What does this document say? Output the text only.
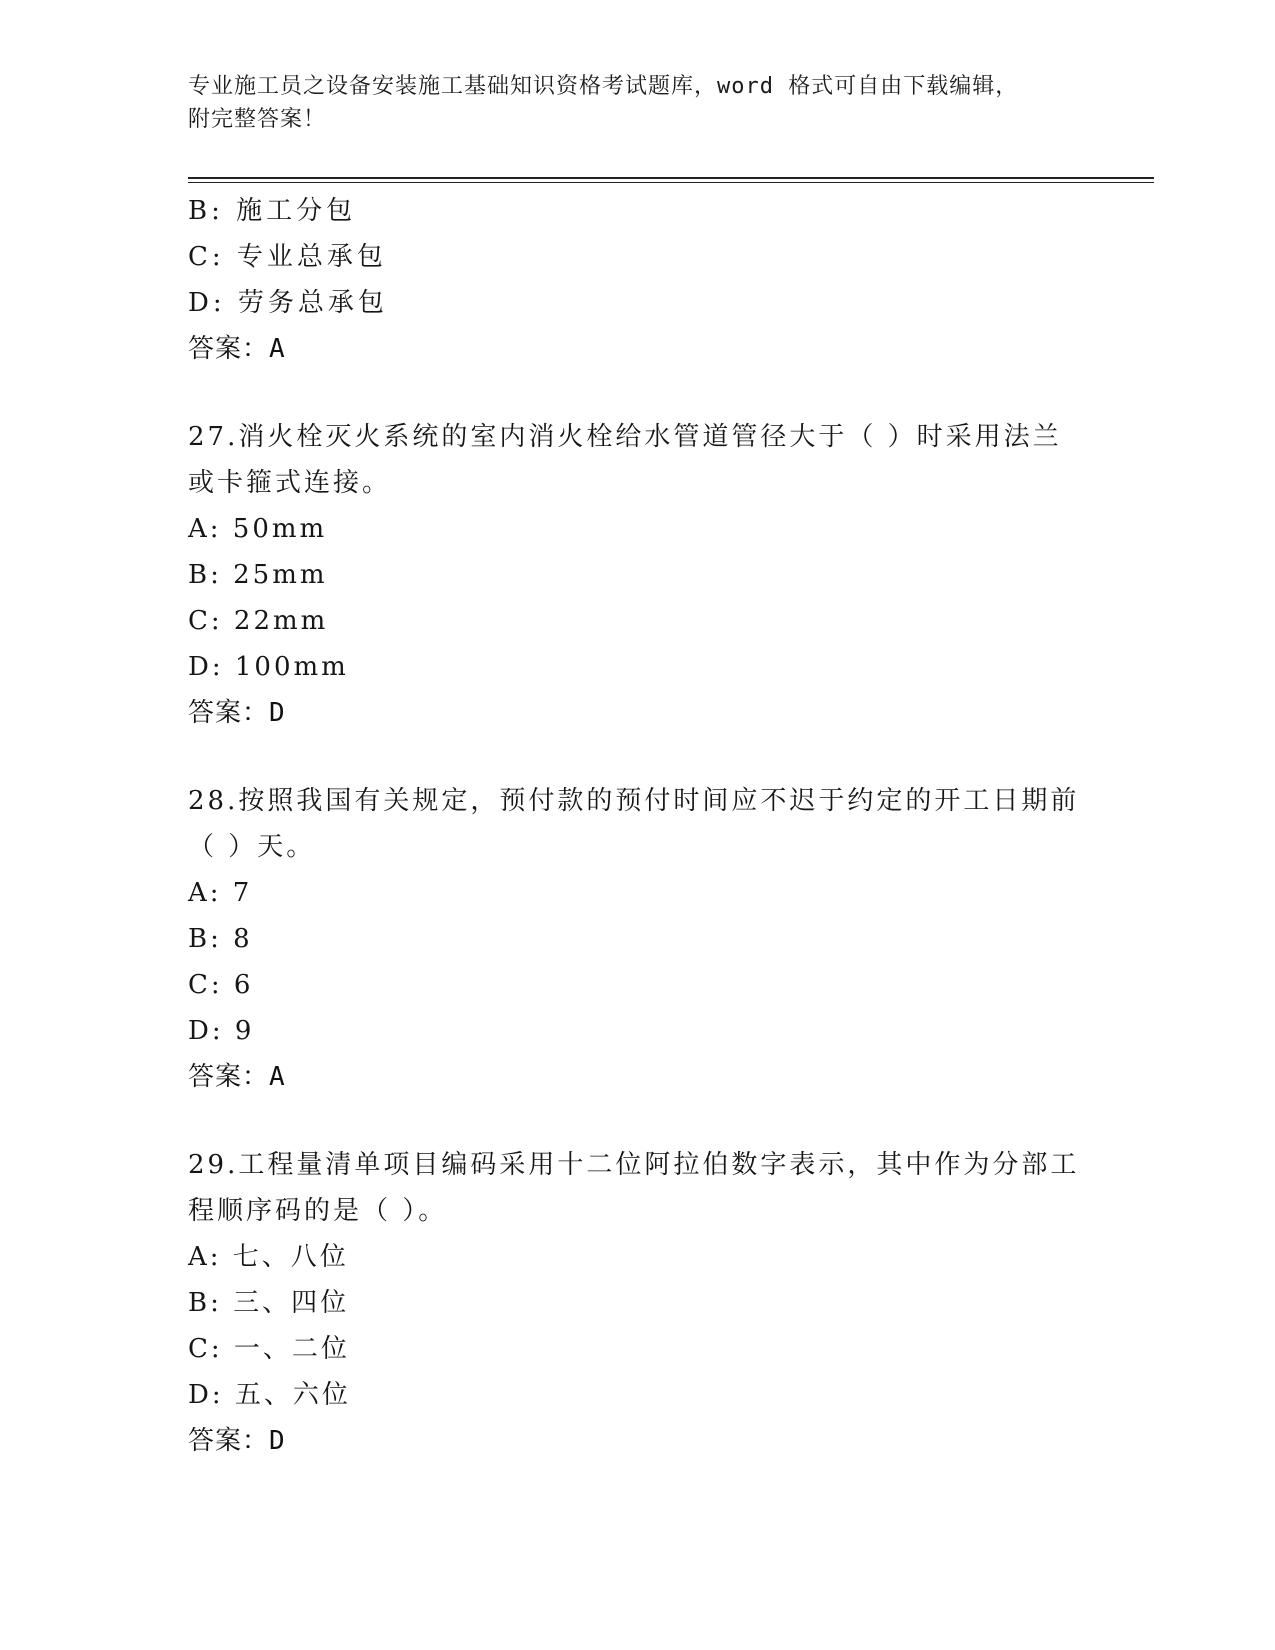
专业施工员之设备安装施工基础知识资格考试题库，word 格式可自由下载编辑，
附完整答案！
B: 施工分包
C: 专业总承包
D: 劳务总承包
答案：A
27.消火栓灭火系统的室内消火栓给水管道管径大于（ ）时采用法兰
或卡箍式连接。
A: 50mm
B: 25mm
C: 22mm
D: 100mm
答案：D
28.按照我国有关规定，预付款的预付时间应不迟于约定的开工日期前
（ ）天。
A: 7
B: 8
C: 6
D: 9
答案：A
29.工程量清单项目编码采用十二位阿拉伯数字表示，其中作为分部工
程顺序码的是（ ）。
A: 七、八位
B: 三、四位
C: 一、二位
D: 五、六位
答案：D
